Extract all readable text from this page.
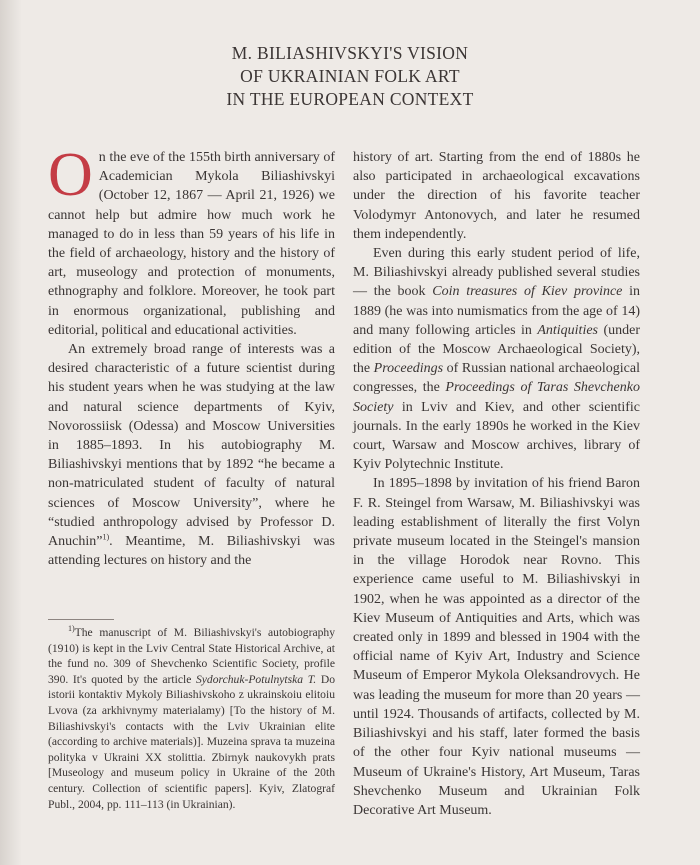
M. BILIASHIVSKYI'S VISION
OF UKRAINIAN FOLK ART
IN THE EUROPEAN CONTEXT

On the eve of the 155th birth anniversary of Academician Mykola Biliashivskyi (October 12, 1867 — April 21, 1926) we cannot help but admire how much work he managed to do in less than 59 years of his life in the field of archaeology, history and the history of art, museology and protection of monuments, ethnography and folklore. Moreover, he took part in enormous organizational, publishing and editorial, political and educational activities.

An extremely broad range of interests was a desired characteristic of a future scientist during his student years when he was studying at the law and natural science departments of Kyiv, Novorossiisk (Odessa) and Moscow Universities in 1885–1893. In his autobiography M. Biliashivskyi mentions that by 1892 “he became a non-matriculated student of faculty of natural sciences of Moscow University”, where he “studied anthropology advised by Professor D. Anuchin”$^{1)}$. Meantime, M. Biliashivskyi was attending lectures on history and the

$^{1)}$The manuscript of M. Biliashivskyi's autobiography (1910) is kept in the Lviv Central State Historical Archive, at the fund no. 309 of Shevchenko Scientific Society, profile 390. It's quoted by the article Sydorchuk-Potulnytska T. Do istorii kontaktiv Mykoly Biliashivskoho z ukrainskoiu elitoiu Lvova (za arkhivnymy materialamy) [To the history of M. Biliashivskyi's contacts with the Lviv Ukrainian elite (according to archive materials)]. Muzeina sprava ta muzeina polityka v Ukraini XX stolittia. Zbirnyk naukovykh prats [Museology and museum policy in Ukraine of the 20th century. Collection of scientific papers]. Kyiv, Zlatograf Publ., 2004, pp. 111–113 (in Ukrainian).

history of art. Starting from the end of 1880s he also participated in archaeological excavations under the direction of his favorite teacher Volodymyr Antonovych, and later he resumed them independently.

Even during this early student period of life, M. Biliashivskyi already published several studies — the book Coin treasures of Kiev province in 1889 (he was into numismatics from the age of 14) and many following articles in Antiquities (under edition of the Moscow Archaeological Society), the Proceedings of Russian national archaeological congresses, the Proceedings of Taras Shevchenko Society in Lviv and Kiev, and other scientific journals. In the early 1890s he worked in the Kiev court, Warsaw and Moscow archives, library of Kyiv Polytechnic Institute.

In 1895–1898 by invitation of his friend Baron F. R. Steingel from Warsaw, M. Biliashivskyi was leading establishment of literally the first Volyn private museum located in the Steingel's mansion in the village Horodok near Rovno. This experience came useful to M. Biliashivskyi in 1902, when he was appointed as a director of the Kiev Museum of Antiquities and Arts, which was created only in 1899 and blessed in 1904 with the official name of Kyiv Art, Industry and Science Museum of Emperor Mykola Oleksandrovych. He was leading the museum for more than 20 years — until 1924. Thousands of artifacts, collected by M. Biliashivskyi and his staff, later formed the basis of the other four Kyiv national museums — Museum of Ukraine's History, Art Museum, Taras Shevchenko Museum and Ukrainian Folk Decorative Art Museum.
